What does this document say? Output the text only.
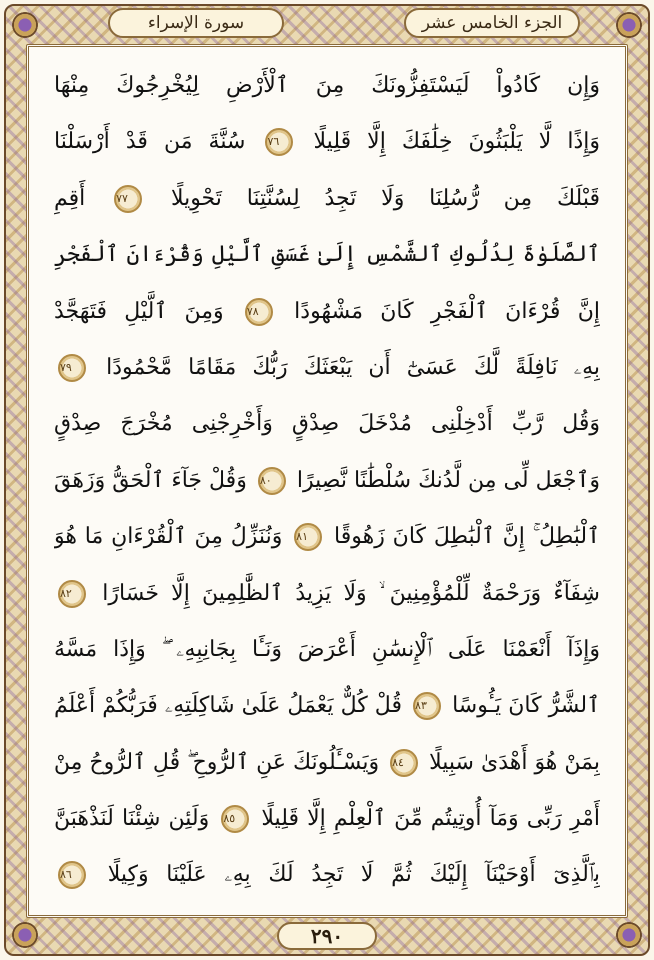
سورة الإسراء	الجزء الخامس عشر
وَإِن كَادُواْ لَيَسْتَفِزُّونَكَ مِنَ ٱلْأَرْضِ لِيُخْرِجُوكَ مِنْهَا
وَإِذًا لَّا يَلْبَثُونَ خِلَٰفَكَ إِلَّا قَلِيلًا ٧٦ سُنَّةَ مَن قَدْ أَرْسَلْنَا
قَبْلَكَ مِن رُّسُلِنَا وَلَا تَجِدُ لِسُنَّتِنَا تَحْوِيلًا ٧٧ أَقِمِ
ٱلصَّلَوٰةَ لِدُلُوكِ ٱلشَّمْسِ إِلَىٰ غَسَقِ ٱلَّيْلِ وَقُرْءَانَ ٱلْفَجْرِ
إِنَّ قُرْءَانَ ٱلْفَجْرِ كَانَ مَشْهُودًا ٧٨ وَمِنَ ٱلَّيْلِ فَتَهَجَّدْ
بِهِۦ نَافِلَةً لَّكَ عَسَىٰٓ أَن يَبْعَثَكَ رَبُّكَ مَقَامًا مَّحْمُودًا ٧٩
وَقُل رَّبِّ أَدْخِلْنِى مُدْخَلَ صِدْقٍ وَأَخْرِجْنِى مُخْرَجَ صِدْقٍ
وَٱجْعَل لِّى مِن لَّدُنكَ سُلْطَٰنًا نَّصِيرًا ٨٠ وَقُلْ جَآءَ ٱلْحَقُّ وَزَهَقَ
ٱلْبَٰطِلُ ۚ إِنَّ ٱلْبَٰطِلَ كَانَ زَهُوقًا ٨١ وَنُنَزِّلُ مِنَ ٱلْقُرْءَانِ مَا هُوَ
شِفَآءٌ وَرَحْمَةٌ لِّلْمُؤْمِنِينَ ۙ وَلَا يَزِيدُ ٱلظَّٰلِمِينَ إِلَّا خَسَارًا ٨٢
وَإِذَآ أَنْعَمْنَا عَلَى ٱلْإِنسَٰنِ أَعْرَضَ وَنَـَٔا بِجَانِبِهِۦ ۖ وَإِذَا مَسَّهُ
ٱلشَّرُّ كَانَ يَـُٔوسًا ٨٣ قُلْ كُلٌّ يَعْمَلُ عَلَىٰ شَاكِلَتِهِۦ فَرَبُّكُمْ أَعْلَمُ
بِمَنْ هُوَ أَهْدَىٰ سَبِيلًا ٨٤ وَيَسْـَٔلُونَكَ عَنِ ٱلرُّوحِ ۖ قُلِ ٱلرُّوحُ مِنْ
أَمْرِ رَبِّى وَمَآ أُوتِيتُم مِّنَ ٱلْعِلْمِ إِلَّا قَلِيلًا ٨٥ وَلَئِن شِئْنَا لَنَذْهَبَنَّ
بِٱلَّذِىٓ أَوْحَيْنَآ إِلَيْكَ ثُمَّ لَا تَجِدُ لَكَ بِهِۦ عَلَيْنَا وَكِيلًا ٨٦
٢٩٠
